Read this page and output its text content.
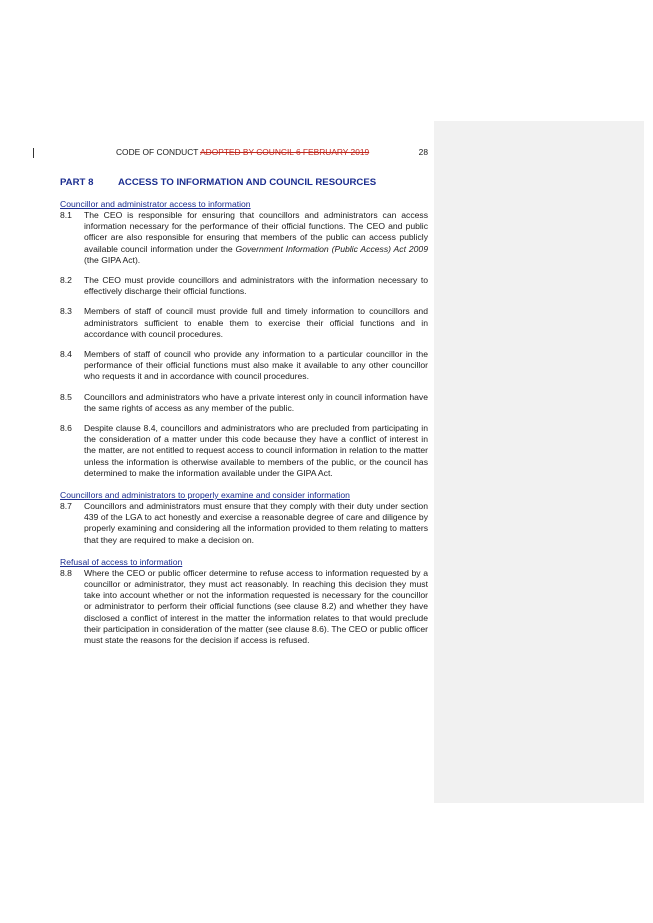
CODE OF CONDUCT ADOPTED BY COUNCIL 6 FEBRUARY 2019	28
PART 8	ACCESS TO INFORMATION AND COUNCIL RESOURCES
Councillor and administrator access to information
8.1	The CEO is responsible for ensuring that councillors and administrators can access information necessary for the performance of their official functions. The CEO and public officer are also responsible for ensuring that members of the public can access publicly available council information under the Government Information (Public Access) Act 2009 (the GIPA Act).
8.2	The CEO must provide councillors and administrators with the information necessary to effectively discharge their official functions.
8.3	Members of staff of council must provide full and timely information to councillors and administrators sufficient to enable them to exercise their official functions and in accordance with council procedures.
8.4	Members of staff of council who provide any information to a particular councillor in the performance of their official functions must also make it available to any other councillor who requests it and in accordance with council procedures.
8.5	Councillors and administrators who have a private interest only in council information have the same rights of access as any member of the public.
8.6	Despite clause 8.4, councillors and administrators who are precluded from participating in the consideration of a matter under this code because they have a conflict of interest in the matter, are not entitled to request access to council information in relation to the matter unless the information is otherwise available to members of the public, or the council has determined to make the information available under the GIPA Act.
Councillors and administrators to properly examine and consider information
8.7	Councillors and administrators must ensure that they comply with their duty under section 439 of the LGA to act honestly and exercise a reasonable degree of care and diligence by properly examining and considering all the information provided to them relating to matters that they are required to make a decision on.
Refusal of access to information
8.8	Where the CEO or public officer determine to refuse access to information requested by a councillor or administrator, they must act reasonably. In reaching this decision they must take into account whether or not the information requested is necessary for the councillor or administrator to perform their official functions (see clause 8.2) and whether they have disclosed a conflict of interest in the matter the information relates to that would preclude their participation in consideration of the matter (see clause 8.6). The CEO or public officer must state the reasons for the decision if access is refused.
